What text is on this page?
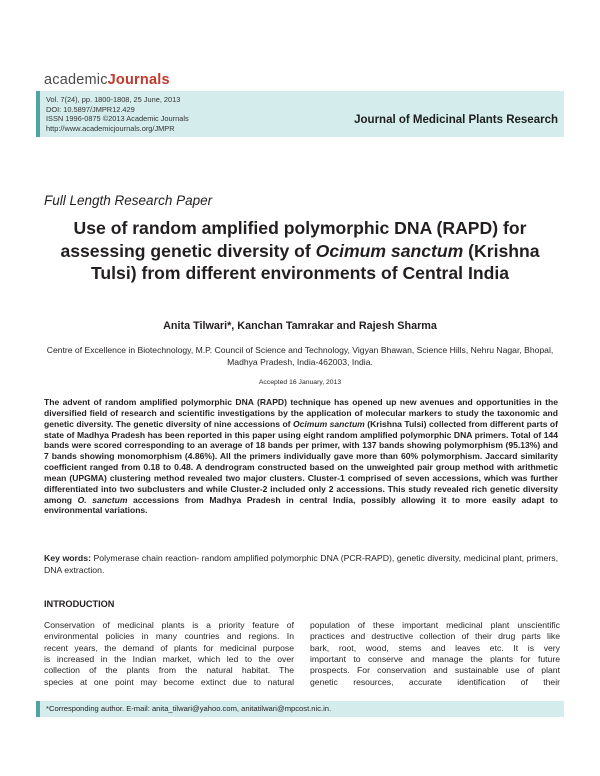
academicJournals
Vol. 7(24), pp. 1800-1808, 25 June, 2013
DOI: 10.5897/JMPR12.429
ISSN 1996-0875 ©2013 Academic Journals
http://www.academicjournals.org/JMPR
Journal of Medicinal Plants Research
Full Length Research Paper
Use of random amplified polymorphic DNA (RAPD) for assessing genetic diversity of Ocimum sanctum (Krishna Tulsi) from different environments of Central India
Anita Tilwari*, Kanchan Tamrakar and Rajesh Sharma
Centre of Excellence in Biotechnology, M.P. Council of Science and Technology, Vigyan Bhawan, Science Hills, Nehru Nagar, Bhopal, Madhya Pradesh, India-462003, India.
Accepted 16 January, 2013
The advent of random amplified polymorphic DNA (RAPD) technique has opened up new avenues and opportunities in the diversified field of research and scientific investigations by the application of molecular markers to study the taxonomic and genetic diversity. The genetic diversity of nine accessions of Ocimum sanctum (Krishna Tulsi) collected from different parts of state of Madhya Pradesh has been reported in this paper using eight random amplified polymorphic DNA primers. Total of 144 bands were scored corresponding to an average of 18 bands per primer, with 137 bands showing polymorphism (95.13%) and 7 bands showing monomorphism (4.86%). All the primers individually gave more than 60% polymorphism. Jaccard similarity coefficient ranged from 0.18 to 0.48. A dendrogram constructed based on the unweighted pair group method with arithmetic mean (UPGMA) clustering method revealed two major clusters. Cluster-1 comprised of seven accessions, which was further differentiated into two subclusters and while Cluster-2 included only 2 accessions. This study revealed rich genetic diversity among O. sanctum accessions from Madhya Pradesh in central India, possibly allowing it to more easily adapt to environmental variations.
Key words: Polymerase chain reaction- random amplified polymorphic DNA (PCR-RAPD), genetic diversity, medicinal plant, primers, DNA extraction.
INTRODUCTION
Conservation of medicinal plants is a priority feature of
environmental policies in many countries and regions. In
recent years, the demand of plants for medicinal purpose
is increased in the Indian market, which led to the over
collection of the plants from the natural habitat. The
species at one point may become extinct due to natural
population of these important medicinal plant unscientific
practices and destructive collection of their drug parts like
bark, root, wood, stems and leaves etc. It is very
important to conserve and manage the plants for future
prospects. For conservation and sustainable use of plant
genetic resources, accurate identification of their
*Corresponding author. E-mail: anita_tilwari@yahoo.com, anitatilwari@mpcost.nic.in.
